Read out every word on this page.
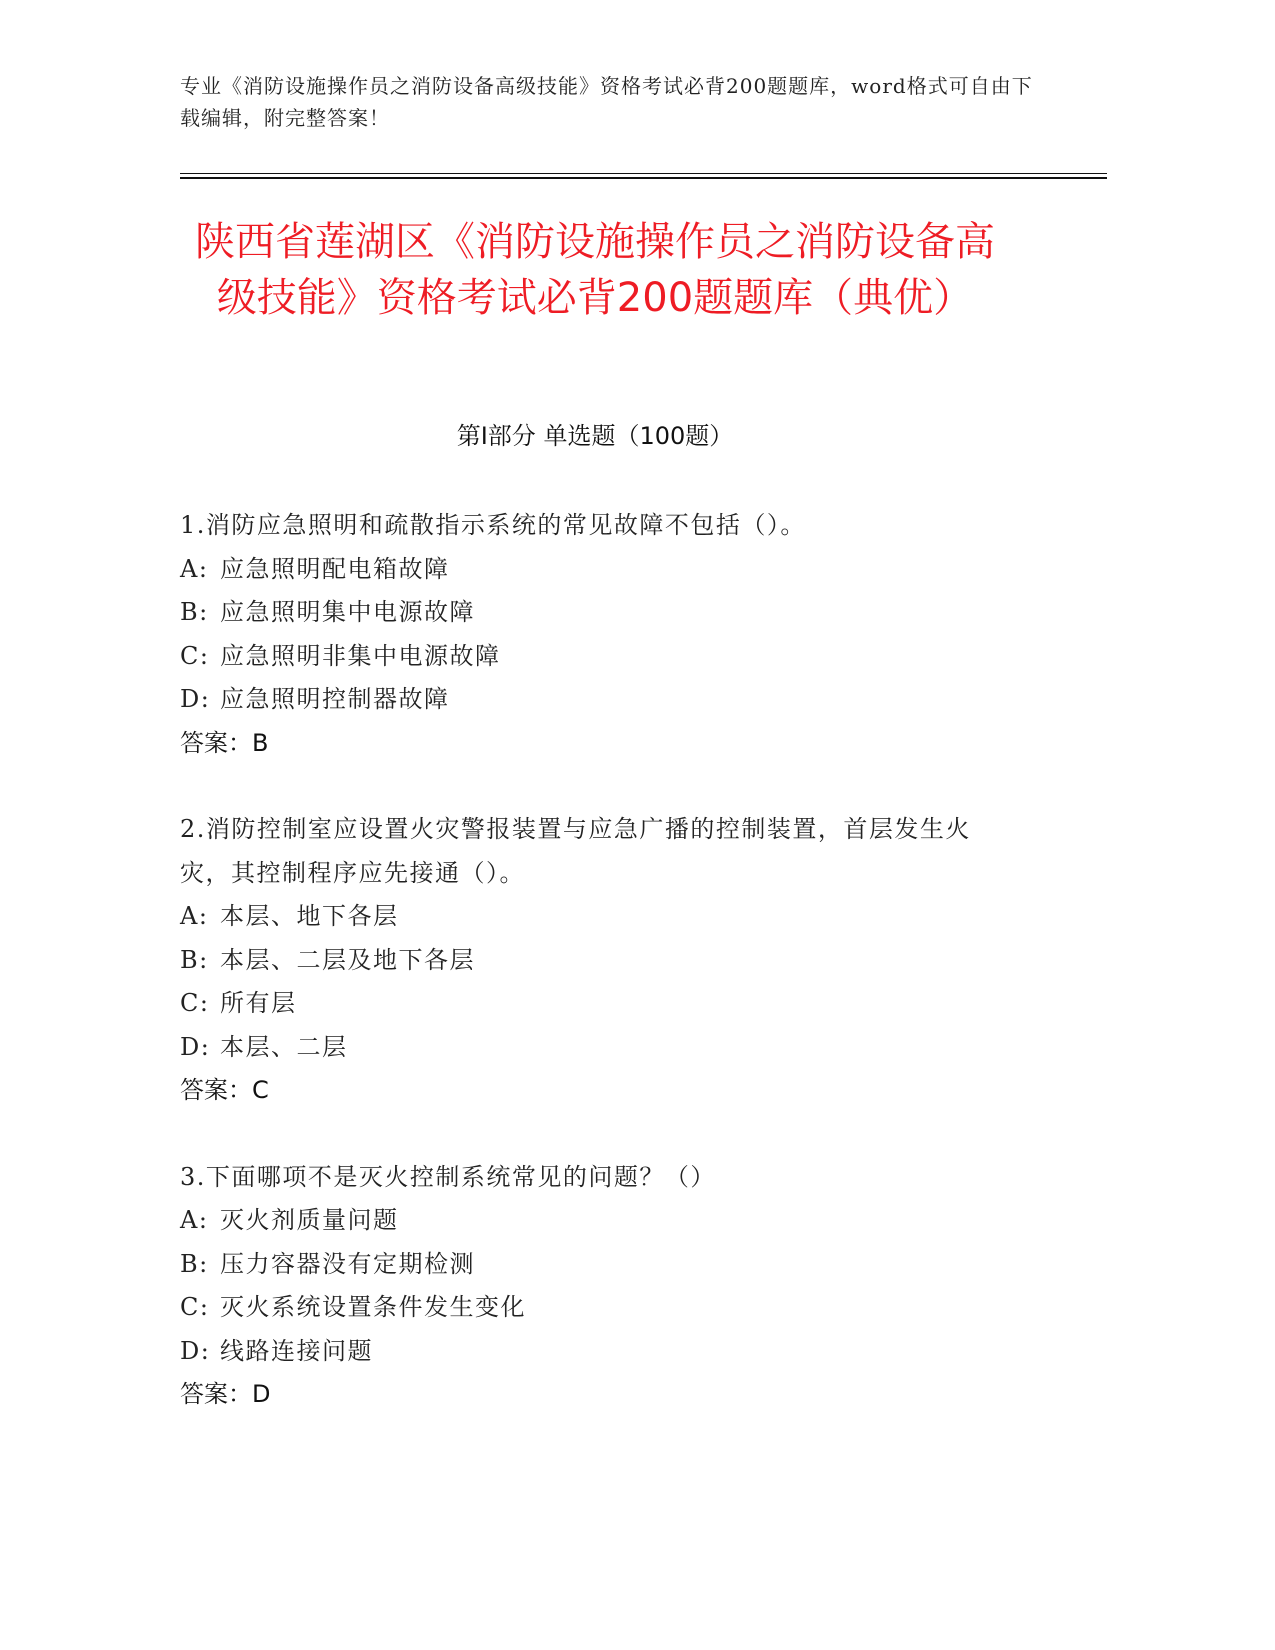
专业《消防设施操作员之消防设备高级技能》资格考试必背200题题库，word格式可自由下载编辑，附完整答案！
陕西省莲湖区《消防设施操作员之消防设备高级技能》资格考试必背200题题库（典优）
第I部分 单选题（100题）
1.消防应急照明和疏散指示系统的常见故障不包括（）。
A: 应急照明配电箱故障
B: 应急照明集中电源故障
C: 应急照明非集中电源故障
D: 应急照明控制器故障
答案：B
2.消防控制室应设置火灾警报装置与应急广播的控制装置，首层发生火灾，其控制程序应先接通（）。
A: 本层、地下各层
B: 本层、二层及地下各层
C: 所有层
D: 本层、二层
答案：C
3.下面哪项不是灭火控制系统常见的问题？（）
A: 灭火剂质量问题
B: 压力容器没有定期检测
C: 灭火系统设置条件发生变化
D: 线路连接问题
答案：D
